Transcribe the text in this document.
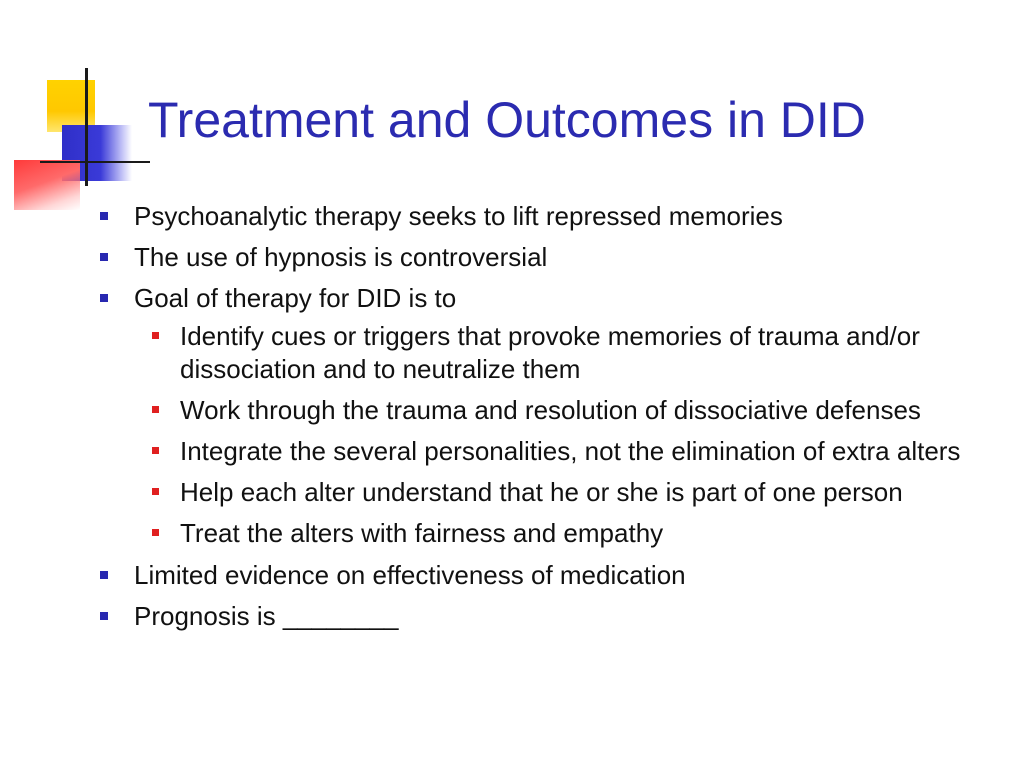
Treatment and Outcomes in DID
Psychoanalytic therapy seeks to lift repressed memories
The use of hypnosis is controversial
Goal of therapy for DID is to
Identify cues or triggers that provoke memories of trauma and/or dissociation and to neutralize them
Work through the trauma and resolution of dissociative defenses
Integrate the several personalities, not the elimination of extra alters
Help each alter understand that he or she is part of one person
Treat the alters with fairness and empathy
Limited evidence on effectiveness of medication
Prognosis is ________
